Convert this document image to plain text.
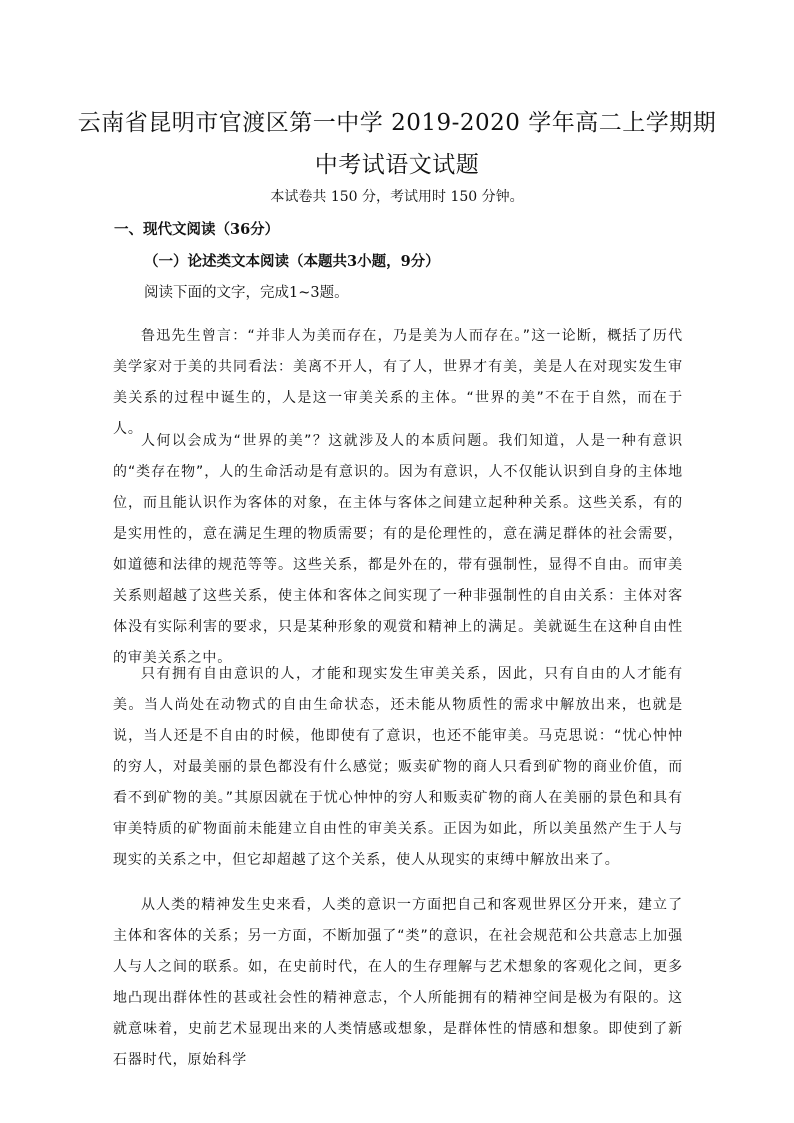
云南省昆明市官渡区第一中学 2019-2020 学年高二上学期期
中考试语文试题
本试卷共 150 分，考试用时 150 分钟。
一、现代文阅读（36分）
（一）论述类文本阅读（本题共3小题，9分）
阅读下面的文字，完成1~3题。

鲁迅先生曾言：“并非人为美而存在，乃是美为人而存在。”这一论断，概括了历代美学家对于美的共同看法：美离不开人，有了人，世界才有美，美是人在对现实发生审美关系的过程中诞生的，人是这一审美关系的主体。“世界的美”不在于自然，而在于人。

人何以会成为“世界的美”？这就涉及人的本质问题。我们知道，人是一种有意识的“类存在物”，人的生命活动是有意识的。因为有意识，人不仅能认识到自身的主体地位，而且能认识作为客体的对象，在主体与客体之间建立起种种关系。这些关系，有的是实用性的，意在满足生理的物质需要；有的是伦理性的，意在满足群体的社会需要，如道德和法律的规范等等。这些关系，都是外在的，带有强制性，显得不自由。而审美关系则超越了这些关系，使主体和客体之间实现了一种非强制性的自由关系：主体对客体没有实际利害的要求，只是某种形象的观赏和精神上的满足。美就诞生在这种自由性的审美关系之中。

只有拥有自由意识的人，才能和现实发生审美关系，因此，只有自由的人才能有美。当人尚处在动物式的自由生命状态，还未能从物质性的需求中解放出来，也就是说，当人还是不自由的时候，他即使有了意识，也还不能审美。马克思说：“忧心忡忡的穷人，对最美丽的景色都没有什么感觉；贩卖矿物的商人只看到矿物的商业价值，而看不到矿物的美。”其原因就在于忧心忡忡的穷人和贩卖矿物的商人在美丽的景色和具有审美特质的矿物面前未能建立自由性的审美关系。正因为如此，所以美虽然产生于人与现实的关系之中，但它却超越了这个关系，使人从现实的束缚中解放出来了。

从人类的精神发生史来看，人类的意识一方面把自己和客观世界区分开来，建立了主体和客体的关系；另一方面，不断加强了“类”的意识，在社会规范和公共意志上加强人与人之间的联系。如，在史前时代，在人的生存理解与艺术想象的客观化之间，更多地凸现出群体性的甚或社会性的精神意志，个人所能拥有的精神空间是极为有限的。这就意味着，史前艺术显现出来的人类情感或想象，是群体性的情感和想象。即使到了新石器时代，原始科学
